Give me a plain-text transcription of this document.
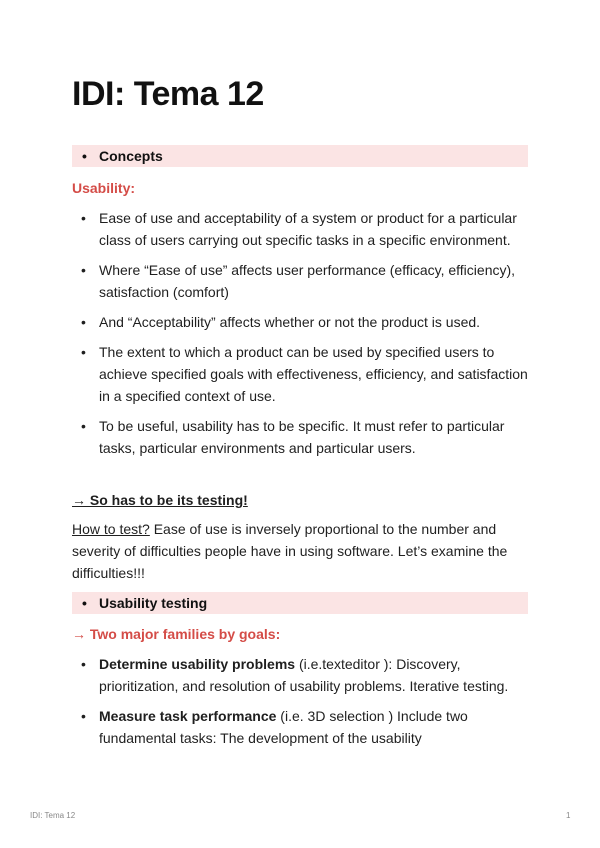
IDI: Tema 12
• Concepts
Usability:
• Ease of use and acceptability of a system or product for a particular class of users carrying out specific tasks in a specific environment.
• Where “Ease of use” affects user performance (efficacy, efficiency), satisfaction (comfort)
• And “Acceptability” affects whether or not the product is used.
• The extent to which a product can be used by specified users to achieve specified goals with effectiveness, efficiency, and satisfaction in a specified context of use.
• To be useful, usability has to be specific. It must refer to particular tasks, particular environments and particular users.
→ So has to be its testing!
How to test? Ease of use is inversely proportional to the number and severity of difficulties people have in using software. Let’s examine the difficulties!!!
• Usability testing
→ Two major families by goals:
• Determine usability problems (i.e.texteditor ): Discovery, prioritization, and resolution of usability problems. Iterative testing.
• Measure task performance (i.e. 3D selection ) Include two fundamental tasks: The development of the usability
IDI: Tema 12	1
